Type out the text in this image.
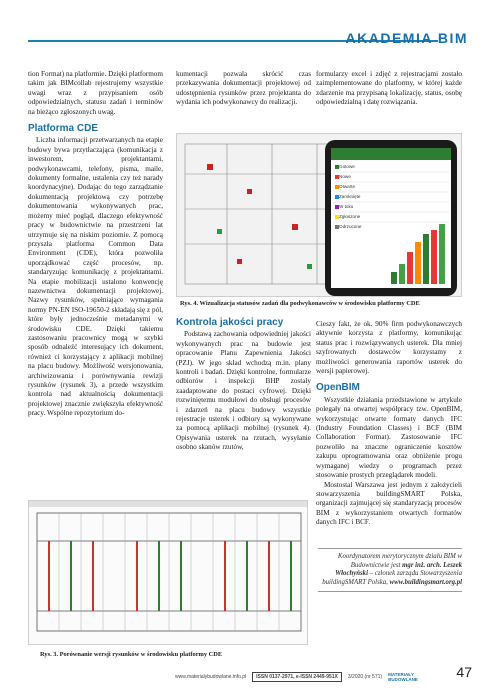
AKADEMIA BIM

tion Format) na platformie. Dzięki platformom takim jak BIMcollab rejestrujemy wszystkie uwagi wraz z przypisaniem osób odpowiedzialnych, statusu zadań i terminów na bieżąco zgłoszonych uwag.

Platforma CDE

Liczba informacji przetwarzanych na etapie budowy bywa przytłaczająca (komunikacja z inwestorem, projektantami, podwykonawcami, telefony, pisma, maile, dokumenty formalne, ustalenia czy też narady koordynacyjne). Dodając do tego zarządzanie dokumentacją projektową czy potrzebę dokumentowania wykonywanych prac, możemy mieć pogląd, dlaczego efektywność pracy w budownictwie na przestrzeni lat utrzymuje się na niskim poziomie. Z pomocą przyszła platforma Common Data Environment (CDE), która pozwoliła uporządkować część procesów, np. standaryzując komunikację z projektantami. Na etapie mobilizacji ustalono konwencję nazewnictwa dokumentacji projektowej. Nazwy rysunków, spełniające wymagania normy PN-EN ISO-19650-2 składają się z pól, które były jednocześnie metadanymi w środowisku CDE. Dzięki takiemu zastosowaniu pracownicy mogą w szybki sposób odnaleźć interesujący ich dokument, również ci korzystający z aplikacji mobilnej na placu budowy. Możliwość wersjonowania, archiwizowania i porównywania rewizji rysunków (rysunek 3), a przede wszystkim kontrola nad aktualnością dokumentacji projektowej znacznie zwiększyła efektywność pracy. Wspólne repozytorium do-

kumentacji pozwala skrócić czas przekazywania dokumentacji projektowej od udostępnienia rysunków przez projektanta do wydania ich podwykonawcy do realizacji.

formularzy excel i zdjęć z rejestracjami zostało zaimplementowane do platformy, w której każde zdarzenie ma przypisaną lokalizację, status, osobę odpowiedzialną i datę rozwiązania.

Gotowe
Nowe
Otwarte
Zamknięte
W toku
Zgłoszone
Odrzucone
Rys. 4. Wizualizacja statusów zadań dla podwykonawców w środowisku platformy CDE
Kontrola jakości pracy

Podstawą zachowania odpowiedniej jakości wykonywanych prac na budowie jest opracowanie Planu Zapewnienia Jakości (PZJ). W jego skład wchodzą m.in. plany kontroli i badań. Dzięki kontrolne, formularze odbiorów i inspekcji BHP zostały zaadaptowane do postaci cyfrowej. Dzięki rozwiniętemu modułowi do obsługi procesów i zdarzeń na placu budowy wszystkie rejestracje usterek i odbiory są wykonywane za pomocą aplikacji mobilnej (rysunek 4). Opisywania usterek na rzutach, wysyłanie osobno skanów rzutów,

Cieszy fakt, że ok. 90% firm podwykonawczych aktywnie korzysta z platformy, komunikując status prac i rozwiązywanych usterek. Dla mniej szyfrowanych dostawców korzystamy z możliwości generowania raportów usterek do wersji papierowej.

OpenBIM

Wszystkie działania przedstawione w artykule polegały na otwartej współpracy tzw. OpenBIM, wykorzystując otwarte formaty danych IFC (Industry Foundation Classes) i BCF (BIM Collaboration Format). Zastosowanie IFC pozwoliło na znaczne ograniczenie kosztów zakupu oprogramowania oraz obniżenie progu wymaganej wiedzy o programach przez stosowanie prostych przeglądarek modeli.

Mostostal Warszawa jest jednym z założycieli stowarzyszenia buildingSMART Polska, organizacji zajmującej się standaryzacją procesów BIM z wykorzystaniem otwartych formatów danych IFC i BCF.

Rys. 3. Porównanie wersji rysunków w środowisku platformy CDE
Koordynatorem merytorycznym działu BIM w Budownictwie jest mgr inż. arch. Leszek Włochyński – członek zarządu Stowarzyszenia buildingSMART Polska, www.buildingsmart.org.pl
www.materialybudowlane.info.pl	ISSN 0137-2971, e-ISSN 2449-951X	3/2020 (nr 571) MATERIAŁY
BUDOWLANE	47
